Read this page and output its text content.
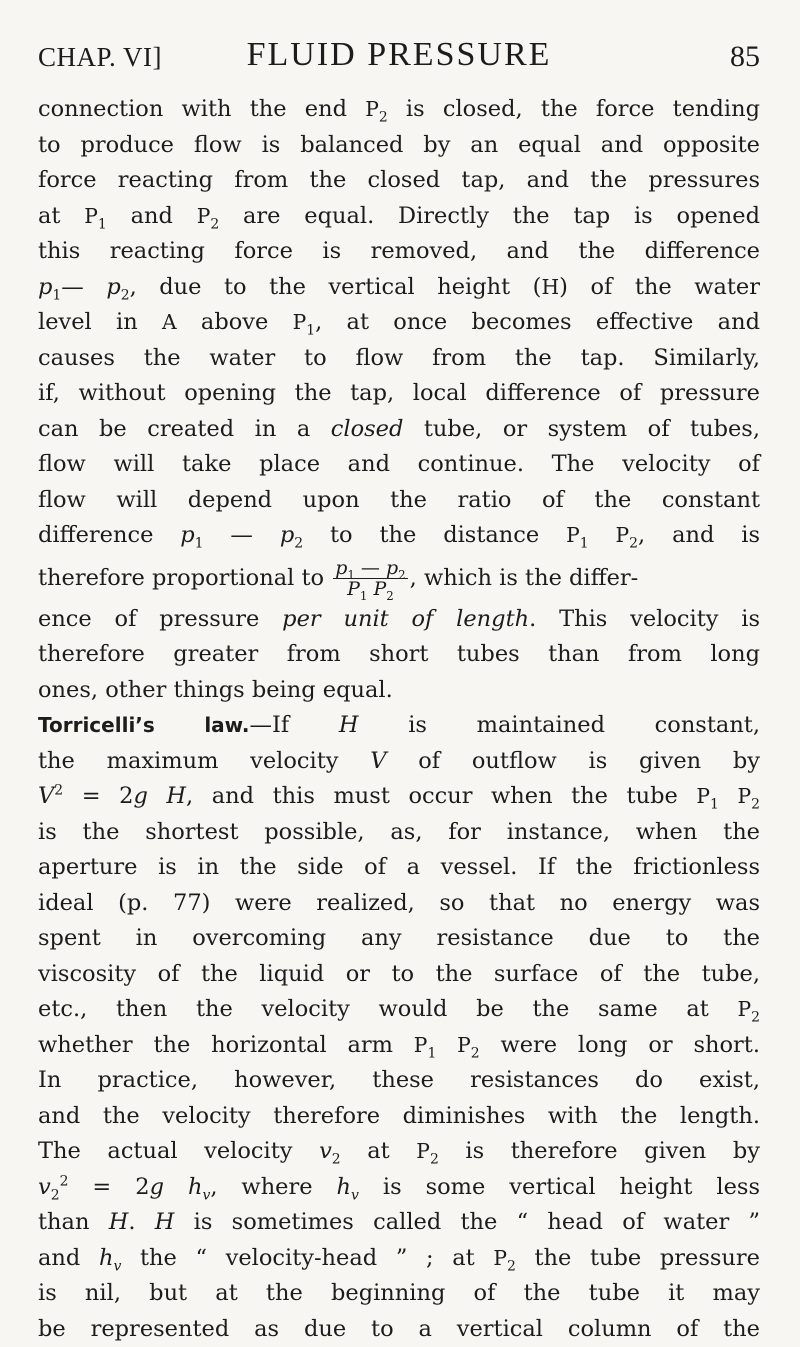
CHAP. VI]	FLUID PRESSURE	85
connection with the end $P_2$ is closed, the force tending
to produce flow is balanced by an equal and opposite
force reacting from the closed tap, and the pressures
at $P_1$ and $P_2$ are equal. Directly the tap is opened
this reacting force is removed, and the difference
$p_1—$ $p_2$, due to the vertical height (H) of the water
level in A above $P_1$, at once becomes effective and
causes the water to flow from the tap. Similarly,
if, without opening the tap, local difference of pressure
can be created in a closed tube, or system of tubes,
flow will take place and continue. The velocity of
flow will depend upon the ratio of the constant
difference $p_1$ — $p_2$ to the distance $P_1$ $P_2$, and is
therefore proportional to $\frac{p_1 — p_2}{P_1 P_2}$ , which is the differ-
ence of pressure per unit of length. This velocity is
therefore greater from short tubes than from long
ones, other things being equal.
Torricelli’s law.—If H is maintained constant,
the maximum velocity V of outflow is given by
$V^2 = 2g$ H, and this must occur when the tube $P_1$ $P_2$
is the shortest possible, as, for instance, when the
aperture is in the side of a vessel. If the frictionless
ideal (p. 77) were realized, so that no energy was
spent in overcoming any resistance due to the
viscosity of the liquid or to the surface of the tube,
etc., then the velocity would be the same at $P_2$
whether the horizontal arm $P_1$ $P_2$ were long or short.
In practice, however, these resistances do exist,
and the velocity therefore diminishes with the length.
The actual velocity $v_2$ at $P_2$ is therefore given by
$v_2^2 = 2g$ $h_v$, where $h_v$ is some vertical height less
than H. H is sometimes called the “ head of water ”
and $h_v$ the “ velocity-head ” ; at $P_2$ the tube pressure
is nil, but at the beginning of the tube it may
be represented as due to a vertical column of the
